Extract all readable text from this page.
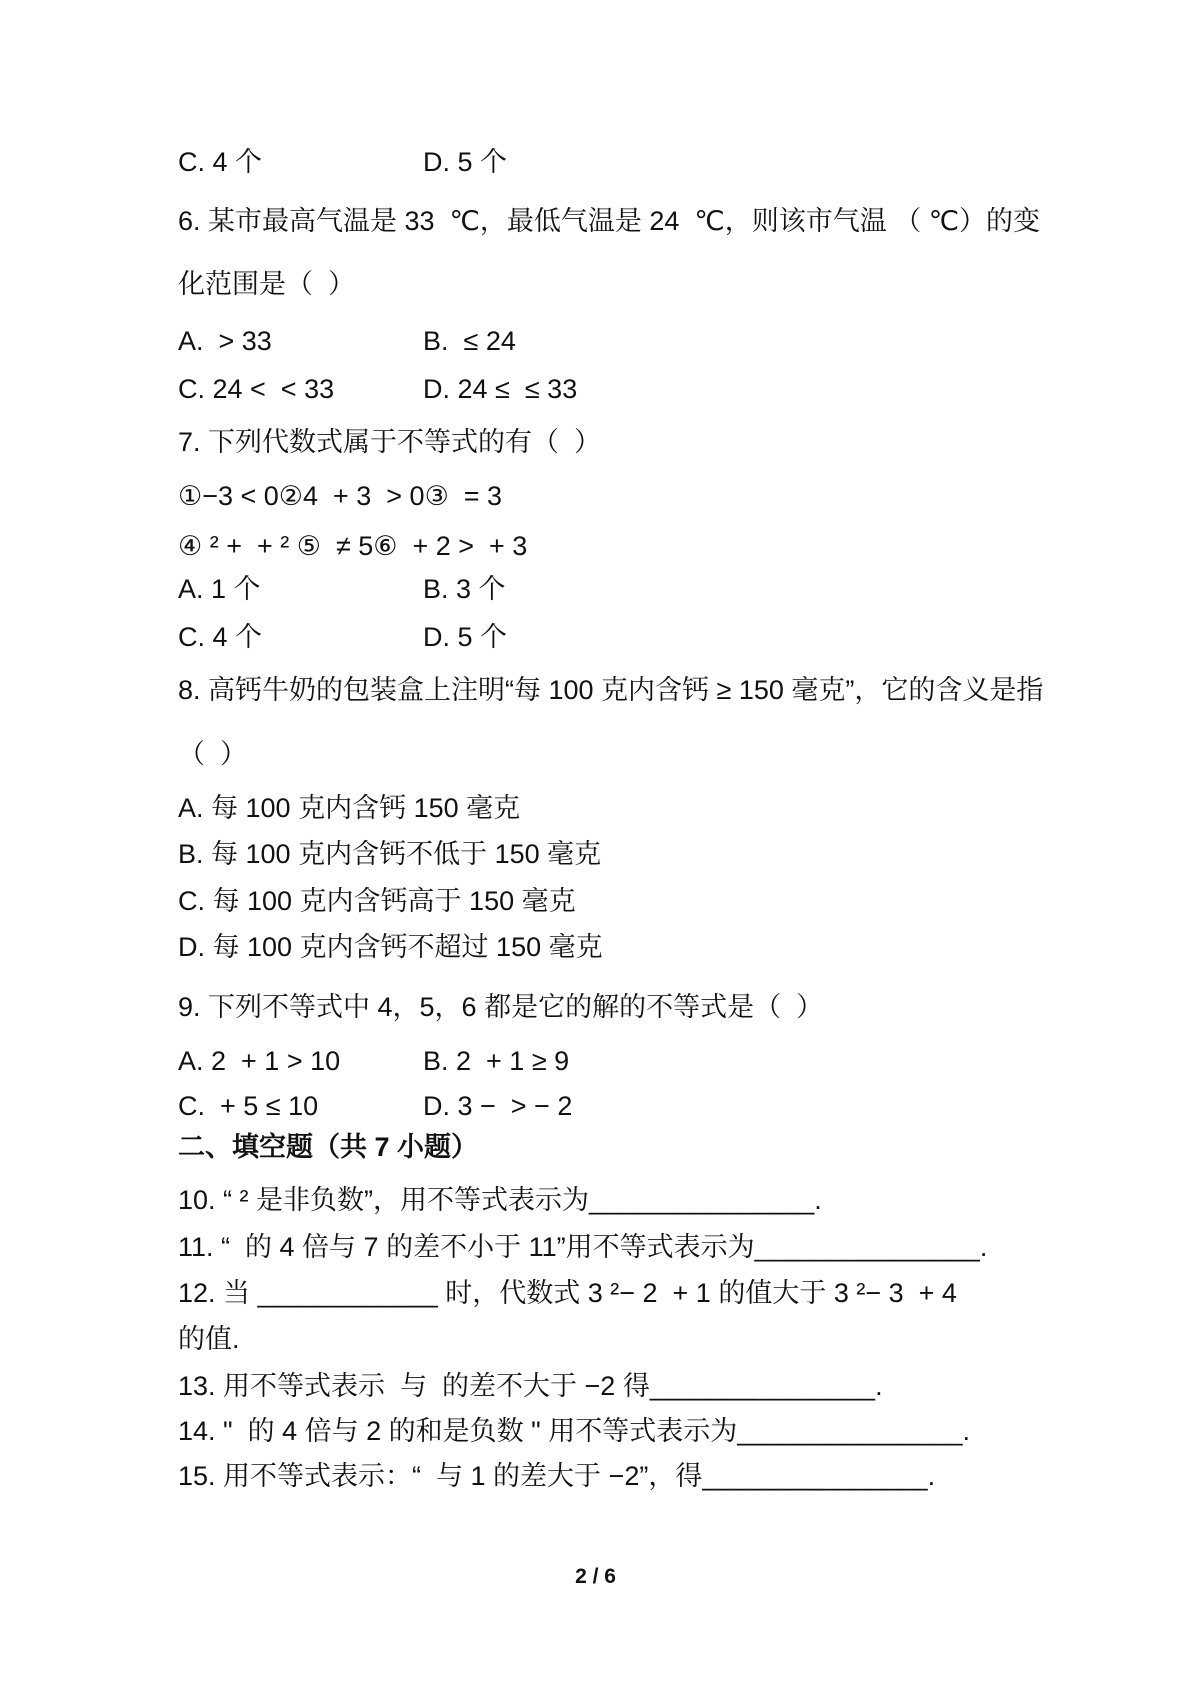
C. 4 个	D. 5 个
6. 某市最高气温是 33  ℃，最低气温是 24  ℃，则该市气温 （ ℃）的变
化范围是（  ）
A.  > 33	B.  ≤ 24
C. 24 <  < 33	D. 24 ≤  ≤ 33
7. 下列代数式属于不等式的有（  ）
①−3 < 0②4  + 3  > 0③  = 3
④ ² +  + ² ⑤  ≠ 5⑥  + 2 >  + 3
A. 1 个	B. 3 个
C. 4 个	D. 5 个
8. 高钙牛奶的包装盒上注明“每 100 克内含钙 ≥ 150 毫克”，它的含义是指
（  ）
A. 每 100 克内含钙 150 毫克
B. 每 100 克内含钙不低于 150 毫克
C. 每 100 克内含钙高于 150 毫克
D. 每 100 克内含钙不超过 150 毫克
9. 下列不等式中 4，5，6 都是它的解的不等式是（  ）
A. 2  + 1 > 10	B. 2  + 1 ≥ 9
C.  + 5 ≤ 10	D. 3 −  > − 2
二、填空题（共 7 小题）
10. “ ² 是非负数”，用不等式表示为_______________.
11. “  的 4 倍与 7 的差不小于 11”用不等式表示为_______________.
12. 当 ____________ 时，代数式 3 ²− 2  + 1 的值大于 3 ²− 3  + 4
的值.
13. 用不等式表示  与  的差不大于 −2 得_______________.
14. "  的 4 倍与 2 的和是负数 " 用不等式表示为_______________.
15. 用不等式表示：“  与 1 的差大于 −2”，得_______________.
2 / 6
